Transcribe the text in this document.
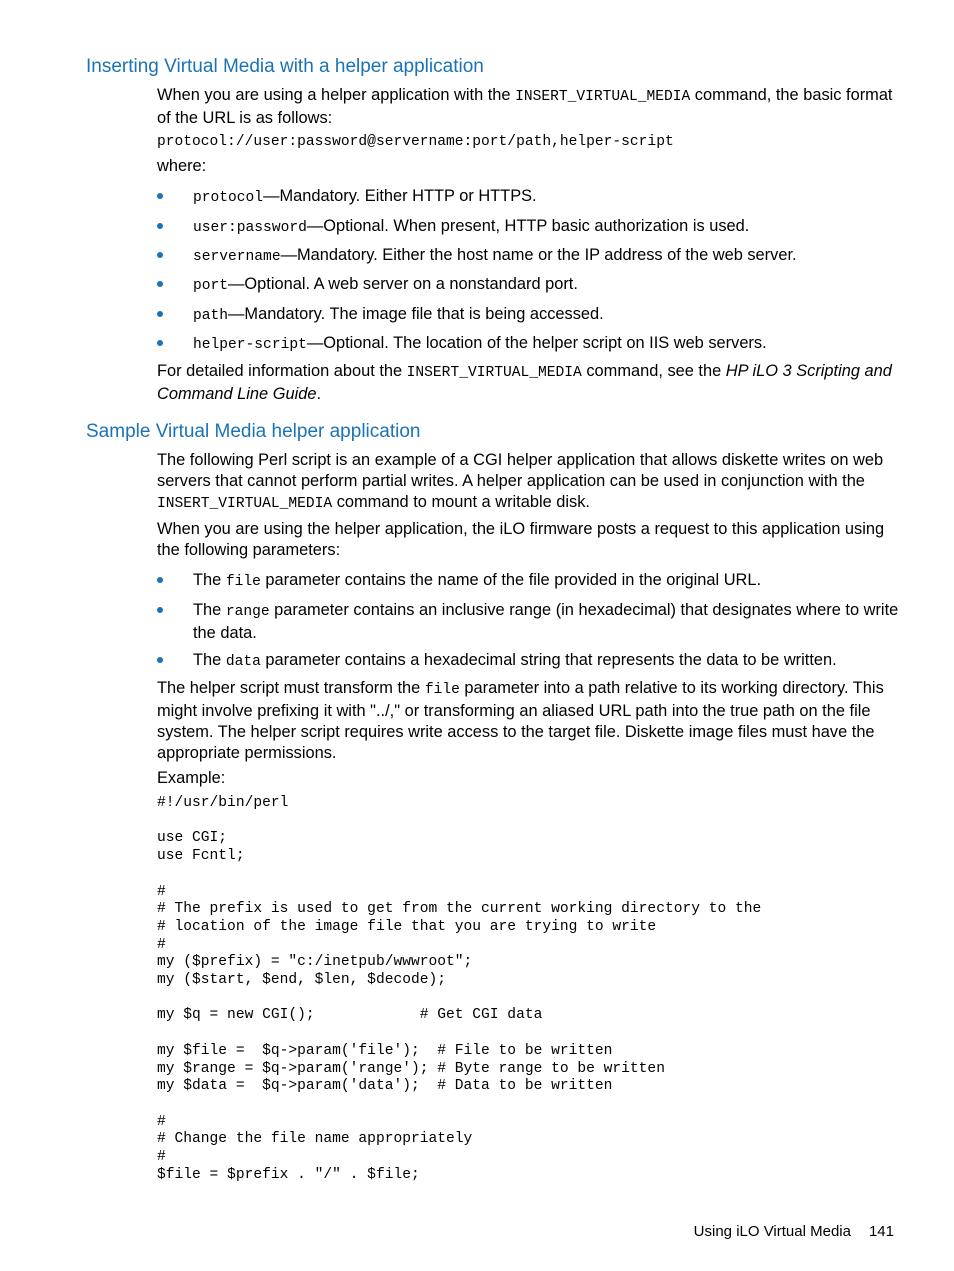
Inserting Virtual Media with a helper application

When you are using a helper application with the INSERT_VIRTUAL_MEDIA command, the basic format of the URL is as follows:

protocol://user:password@servername:port/path,helper-script

where:

protocol—Mandatory. Either HTTP or HTTPS.

user:password—Optional. When present, HTTP basic authorization is used.

servername—Mandatory. Either the host name or the IP address of the web server.

port—Optional. A web server on a nonstandard port.

path—Mandatory. The image file that is being accessed.

helper-script—Optional. The location of the helper script on IIS web servers.

For detailed information about the INSERT_VIRTUAL_MEDIA command, see the HP iLO 3 Scripting and Command Line Guide.

Sample Virtual Media helper application

The following Perl script is an example of a CGI helper application that allows diskette writes on web servers that cannot perform partial writes. A helper application can be used in conjunction with the INSERT_VIRTUAL_MEDIA command to mount a writable disk.

When you are using the helper application, the iLO firmware posts a request to this application using the following parameters:

The file parameter contains the name of the file provided in the original URL.

The range parameter contains an inclusive range (in hexadecimal) that designates where to write the data.

The data parameter contains a hexadecimal string that represents the data to be written.

The helper script must transform the file parameter into a path relative to its working directory. This might involve prefixing it with "../," or transforming an aliased URL path into the true path on the file system. The helper script requires write access to the target file. Diskette image files must have the appropriate permissions.

Example:

#!/usr/bin/perl

use CGI;
use Fcntl;

#
# The prefix is used to get from the current working directory to the
# location of the image file that you are trying to write
#
my ($prefix) = "c:/inetpub/wwwroot";
my ($start, $end, $len, $decode);

my $q = new CGI();            # Get CGI data

my $file =  $q->param('file');  # File to be written
my $range = $q->param('range'); # Byte range to be written
my $data =  $q->param('data');  # Data to be written

#
# Change the file name appropriately
#
$file = $prefix . "/" . $file;
Using iLO Virtual Media 141
